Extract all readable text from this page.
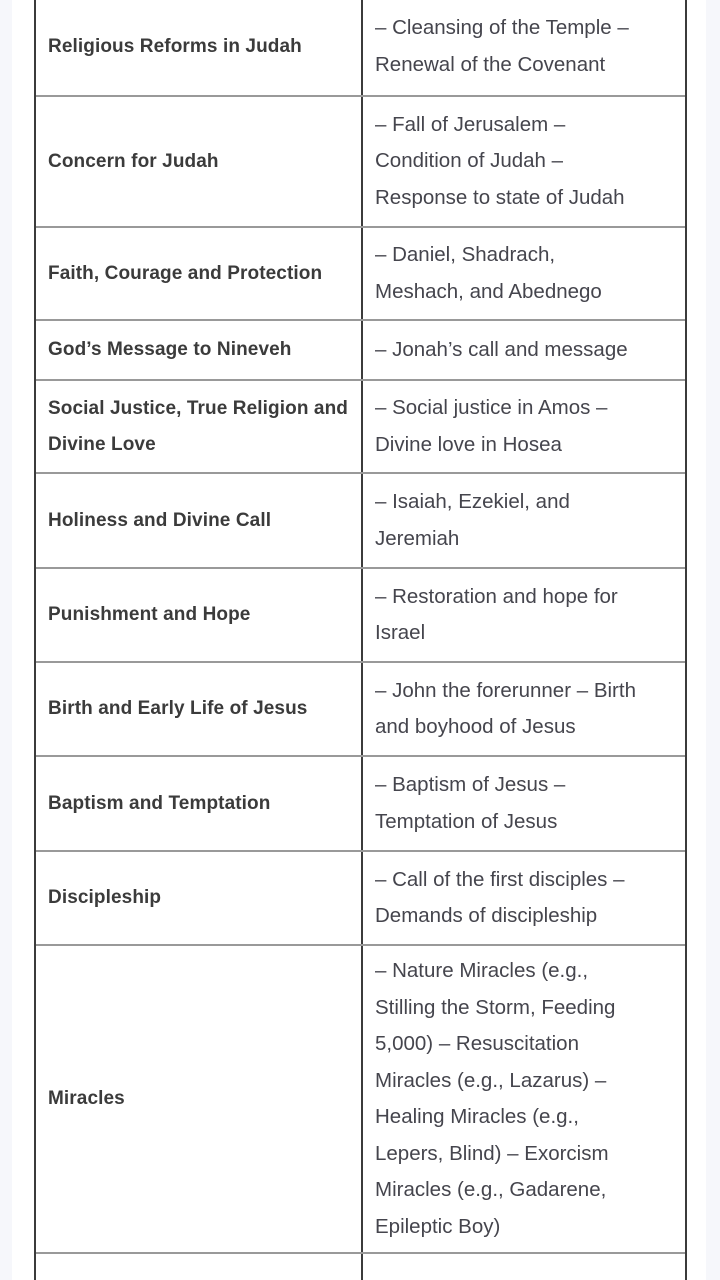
Religious Reforms in Judah
– Cleansing of the Temple – Renewal of the Covenant
Concern for Judah
– Fall of Jerusalem – Condition of Judah – Response to state of Judah
Faith, Courage and Protection
– Daniel, Shadrach, Meshach, and Abednego
God’s Message to Nineveh	– Jonah’s call and message
Social Justice, True Religion and Divine Love
– Social justice in Amos – Divine love in Hosea
Holiness and Divine Call
– Isaiah, Ezekiel, and Jeremiah
Punishment and Hope
– Restoration and hope for Israel
Birth and Early Life of Jesus
– John the forerunner – Birth and boyhood of Jesus
Baptism and Temptation
– Baptism of Jesus – Temptation of Jesus
Discipleship
– Call of the first disciples – Demands of discipleship
Miracles
– Nature Miracles (e.g., Stilling the Storm, Feeding 5,000) – Resuscitation Miracles (e.g., Lazarus) – Healing Miracles (e.g., Lepers, Blind) – Exorcism Miracles (e.g., Gadarene, Epileptic Boy)
